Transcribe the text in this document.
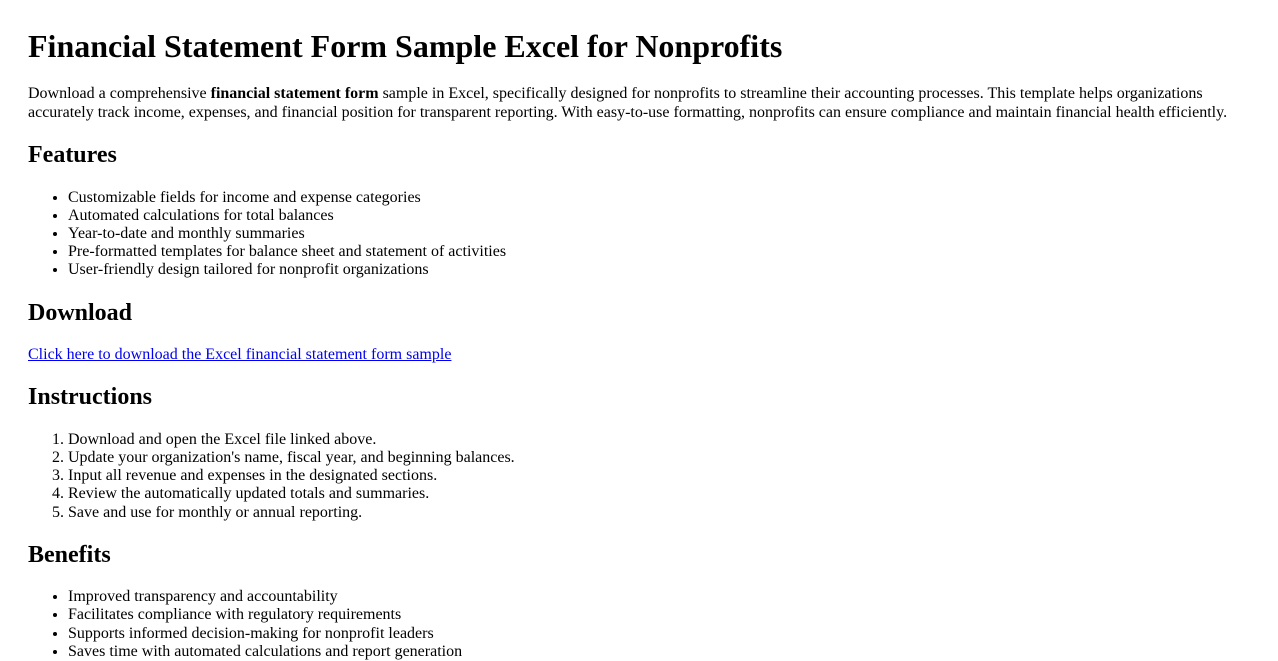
Financial Statement Form Sample Excel for Nonprofits

Download a comprehensive financial statement form sample in Excel, specifically designed for nonprofits to streamline their accounting processes. This template helps organizations accurately track income, expenses, and financial position for transparent reporting. With easy-to-use formatting, nonprofits can ensure compliance and maintain financial health efficiently.

Features
• Customizable fields for income and expense categories
• Automated calculations for total balances
• Year-to-date and monthly summaries
• Pre-formatted templates for balance sheet and statement of activities
• User-friendly design tailored for nonprofit organizations
Download

Click here to download the Excel financial statement form sample

Instructions
1. Download and open the Excel file linked above.
2. Update your organization's name, fiscal year, and beginning balances.
3. Input all revenue and expenses in the designated sections.
4. Review the automatically updated totals and summaries.
5. Save and use for monthly or annual reporting.
Benefits
• Improved transparency and accountability
• Facilitates compliance with regulatory requirements
• Supports informed decision-making for nonprofit leaders
• Saves time with automated calculations and report generation
